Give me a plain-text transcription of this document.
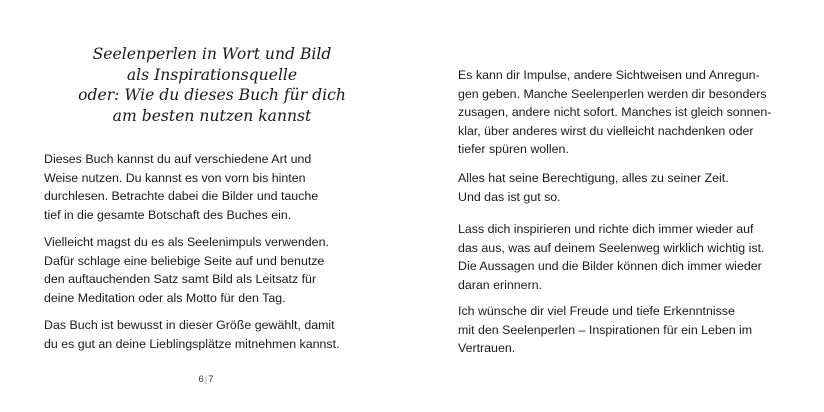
Seelenperlen in Wort und Bild
als Inspirationsquelle
oder: Wie du dieses Buch für dich
am besten nutzen kannst
Dieses Buch kannst du auf verschiedene Art und
Weise nutzen. Du kannst es von vorn bis hinten
durchlesen. Betrachte dabei die Bilder und tauche
tief in die gesamte Botschaft des Buches ein.
Vielleicht magst du es als Seelenimpuls verwenden.
Dafür schlage eine beliebige Seite auf und benutze
den auftauchenden Satz samt Bild als Leitsatz für
deine Meditation oder als Motto für den Tag.
Das Buch ist bewusst in dieser Größe gewählt, damit
du es gut an deine Lieblingsplätze mitnehmen kannst.
Es kann dir Impulse, andere Sichtweisen und Anregun-
gen geben. Manche Seelenperlen werden dir besonders
zusagen, andere nicht sofort. Manches ist gleich sonnen-
klar, über anderes wirst du vielleicht nachdenken oder
tiefer spüren wollen.
Alles hat seine Berechtigung, alles zu seiner Zeit.
Und das ist gut so.
Lass dich inspirieren und richte dich immer wieder auf
das aus, was auf deinem Seelenweg wirklich wichtig ist.
Die Aussagen und die Bilder können dich immer wieder
daran erinnern.
Ich wünsche dir viel Freude und tiefe Erkenntnisse
mit den Seelenperlen – Inspirationen für ein Leben im
Vertrauen.
6|7
